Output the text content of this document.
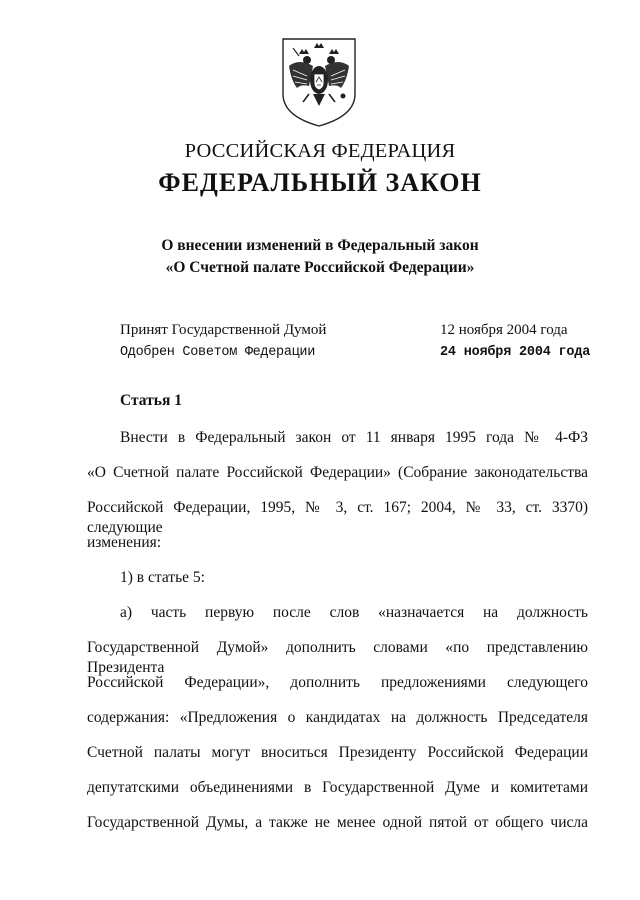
РОССИЙСКАЯ ФЕДЕРАЦИЯ
ФЕДЕРАЛЬНЫЙ ЗАКОН
О внесении изменений в Федеральный закон
«О Счетной палате Российской Федерации»
Принят Государственной Думой	12 ноября 2004 года
Одобрен Советом Федерации	24 ноября 2004 года
Статья 1
Внести в Федеральный закон от 11 января 1995 года № 4-ФЗ
«О Счетной палате Российской Федерации» (Собрание законодательства
Российской Федерации, 1995, № 3, ст. 167; 2004, № 33, ст. 3370) следующие
изменения:
1) в статье 5:
а) часть первую после слов «назначается на должность
Государственной Думой» дополнить словами «по представлению Президента
Российской Федерации», дополнить предложениями следующего
содержания: «Предложения о кандидатах на должность Председателя
Счетной палаты могут вноситься Президенту Российской Федерации
депутатскими объединениями в Государственной Думе и комитетами
Государственной Думы, а также не менее одной пятой от общего числа
